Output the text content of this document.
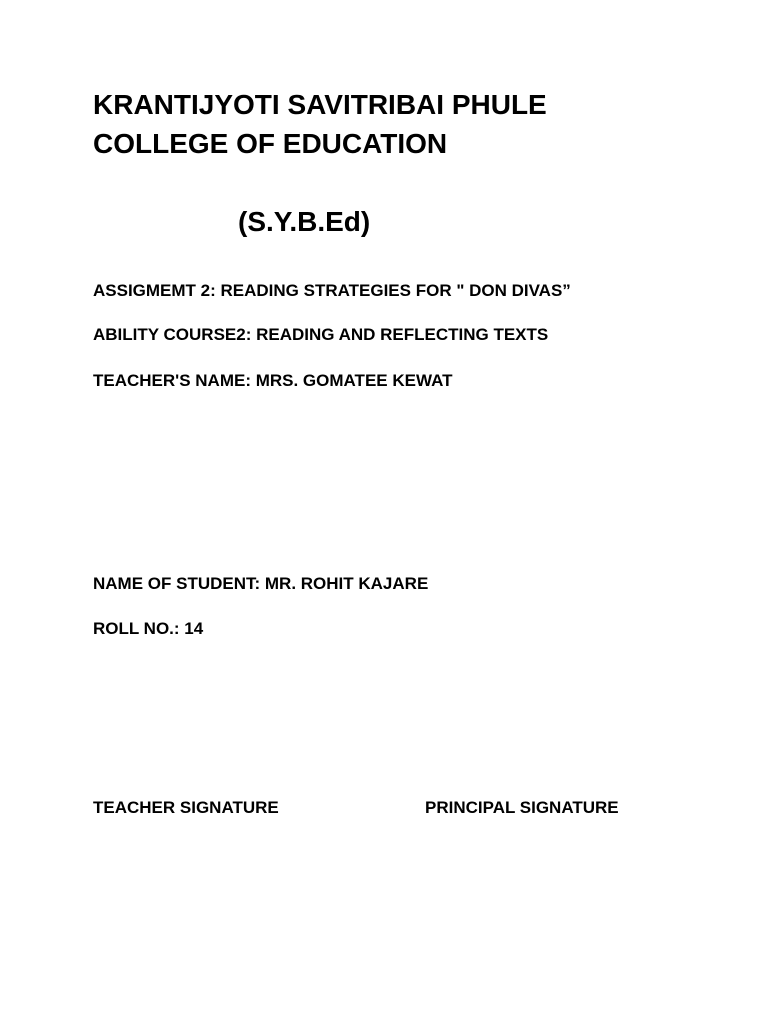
KRANTIJYOTI SAVITRIBAI PHULE
COLLEGE OF EDUCATION
(S.Y.B.Ed)
ASSIGMEMT 2: READING STRATEGIES FOR " DON DIVAS”
ABILITY COURSE2: READING AND REFLECTING TEXTS
TEACHER'S NAME: MRS. GOMATEE KEWAT
NAME OF STUDENT: MR. ROHIT KAJARE
ROLL NO.: 14
TEACHER SIGNATURE	PRINCIPAL SIGNATURE
